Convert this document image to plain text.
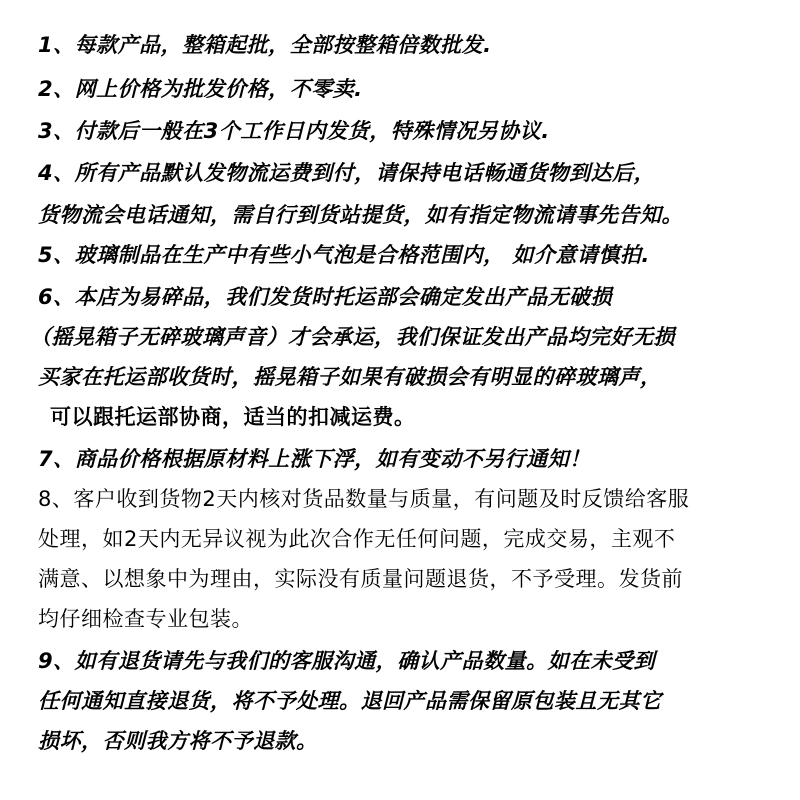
1、每款产品，整箱起批，全部按整箱倍数批发.
2、网上价格为批发价格，不零卖.
3、付款后一般在3个工作日内发货，特殊情况另协议.
4、所有产品默认发物流运费到付，请保持电话畅通货物到达后，
货物流会电话通知，需自行到货站提货，如有指定物流请事先告知。
5、玻璃制品在生产中有些小气泡是合格范围内， 如介意请慎拍.
6、本店为易碎品，我们发货时托运部会确定发出产品无破损
（摇晃箱子无碎玻璃声音）才会承运，我们保证发出产品均完好无损
买家在托运部收货时，摇晃箱子如果有破损会有明显的碎玻璃声，
可以跟托运部协商，适当的扣减运费。
7、商品价格根据原材料上涨下浮，如有变动不另行通知！
8、客户收到货物2天内核对货品数量与质量，有问题及时反馈给客服
处理，如2天内无异议视为此次合作无任何问题，完成交易，主观不
满意、以想象中为理由，实际没有质量问题退货，不予受理。发货前
均仔细检查专业包装。
9、如有退货请先与我们的客服沟通，确认产品数量。如在未受到
任何通知直接退货，将不予处理。退回产品需保留原包装且无其它
损坏，否则我方将不予退款。
